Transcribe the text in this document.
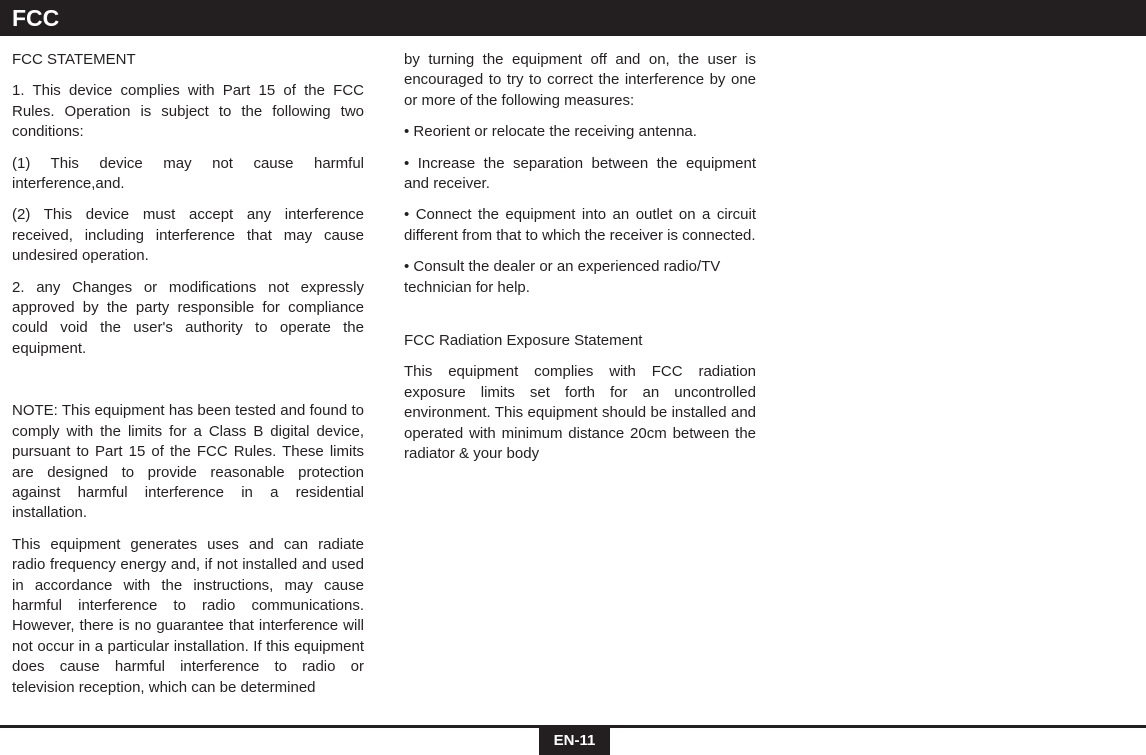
FCC

FCC STATEMENT

1. This device complies with Part 15 of the FCC Rules. Operation is subject to the following two conditions:

(1) This device may not cause harmful interference,and.

(2) This device must accept any interference received, including interference that may cause undesired operation.

2. any Changes or modifications not expressly approved by the party responsible for compliance could void the user's authority to operate the equipment.

NOTE: This equipment has been tested and found to comply with the limits for a Class B digital device, pursuant to Part 15 of the FCC Rules. These limits are designed to provide reasonable protection against harmful interference in a residential installation.

This equipment generates uses and can radiate radio frequency energy and, if not installed and used in accordance with the instructions, may cause harmful interference to radio communications. However, there is no guarantee that interference will not occur in a particular installation. If this equipment does cause harmful interference to radio or television reception, which can be determined

by turning the equipment off and on, the user is encouraged to try to correct the interference by one or more of the following measures:

• Reorient or relocate the receiving antenna.

• Increase the separation between the equipment and receiver.

• Connect the equipment into an outlet on a circuit different from that to which the receiver is connected.

• Consult the dealer or an experienced radio/TV technician for help.

FCC Radiation Exposure Statement

This equipment complies with FCC radiation exposure limits set forth for an uncontrolled environment. This equipment should be installed and operated with minimum distance 20cm between the radiator & your body

EN-11
